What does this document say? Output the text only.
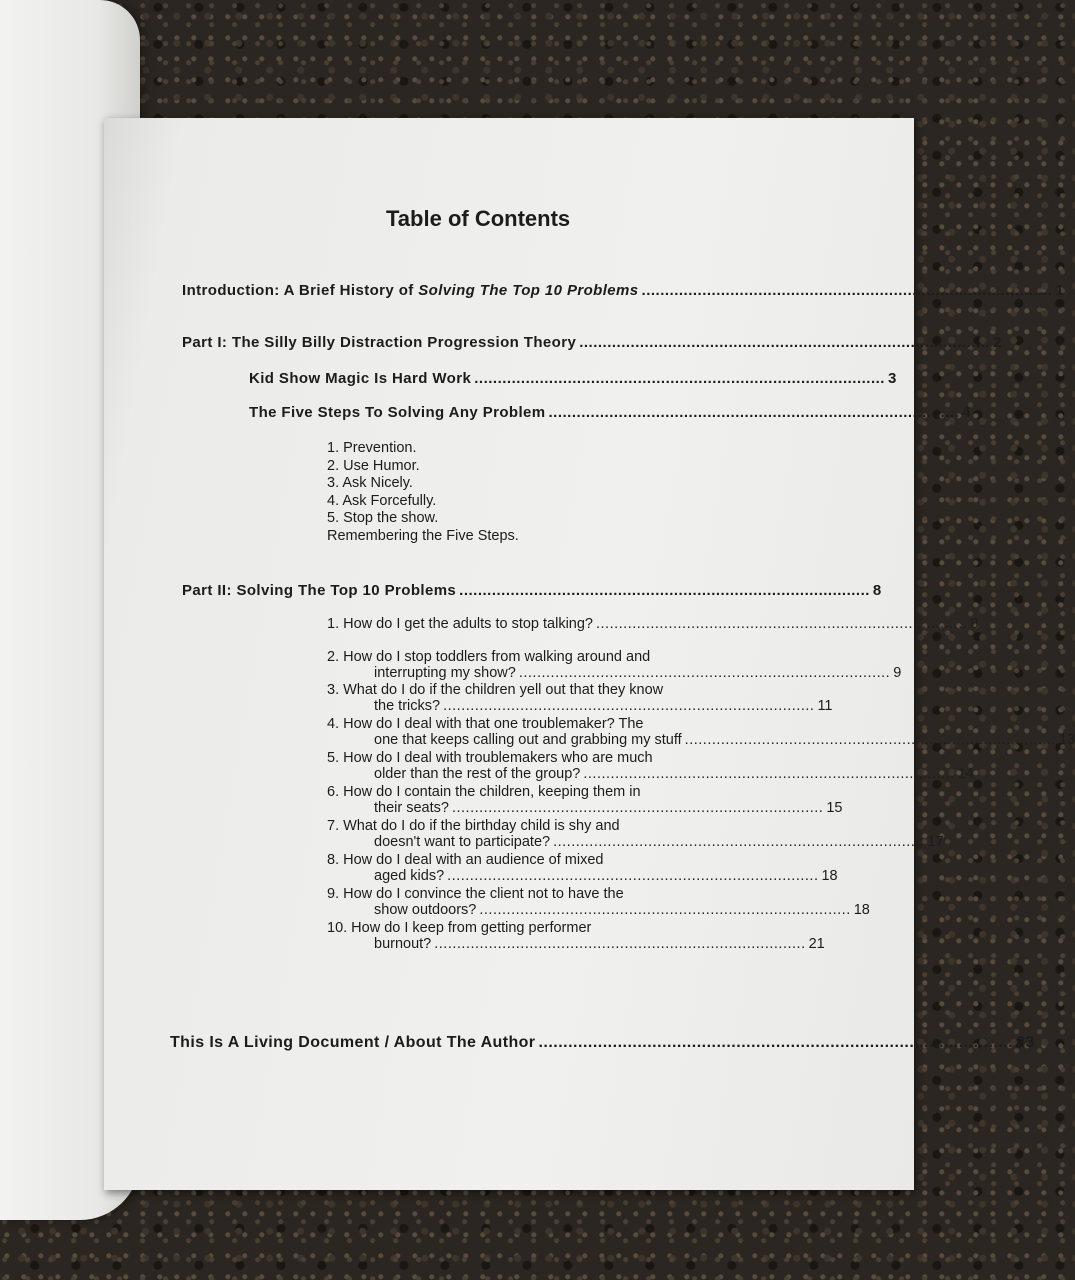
Table of Contents
Introduction: A Brief History of Solving The Top 10 Problems ........................................................................................ 1
Part I: The Silly Billy Distraction Progression Theory ........................................................................................ 2
Kid Show Magic Is Hard Work ........................................................................................ 3
The Five Steps To Solving Any Problem ........................................................................................ 4
1. Prevention.
2. Use Humor.
3. Ask Nicely.
4. Ask Forcefully.
5. Stop the show.
Remembering the Five Steps.
Part II: Solving The Top 10 Problems ........................................................................................ 8
1. How do I get the adults to stop talking? .................................................................................. 8
2. How do I stop toddlers from walking around and
interrupting my show? .................................................................................. 9
3. What do I do if the children yell out that they know
the tricks? .................................................................................. 11
4. How do I deal with that one troublemaker? The
one that keeps calling out and grabbing my stuff .................................................................................. 13
5. How do I deal with troublemakers who are much
older than the rest of the group? .................................................................................. 14
6. How do I contain the children, keeping them in
their seats? .................................................................................. 15
7. What do I do if the birthday child is shy and
doesn't want to participate? .................................................................................. 17
8. How do I deal with an audience of mixed
aged kids? .................................................................................. 18
9. How do I convince the client not to have the
show outdoors? .................................................................................. 18
10. How do I keep from getting performer
burnout? .................................................................................. 21
This Is A Living Document / About The Author ................................................................................................ 23
